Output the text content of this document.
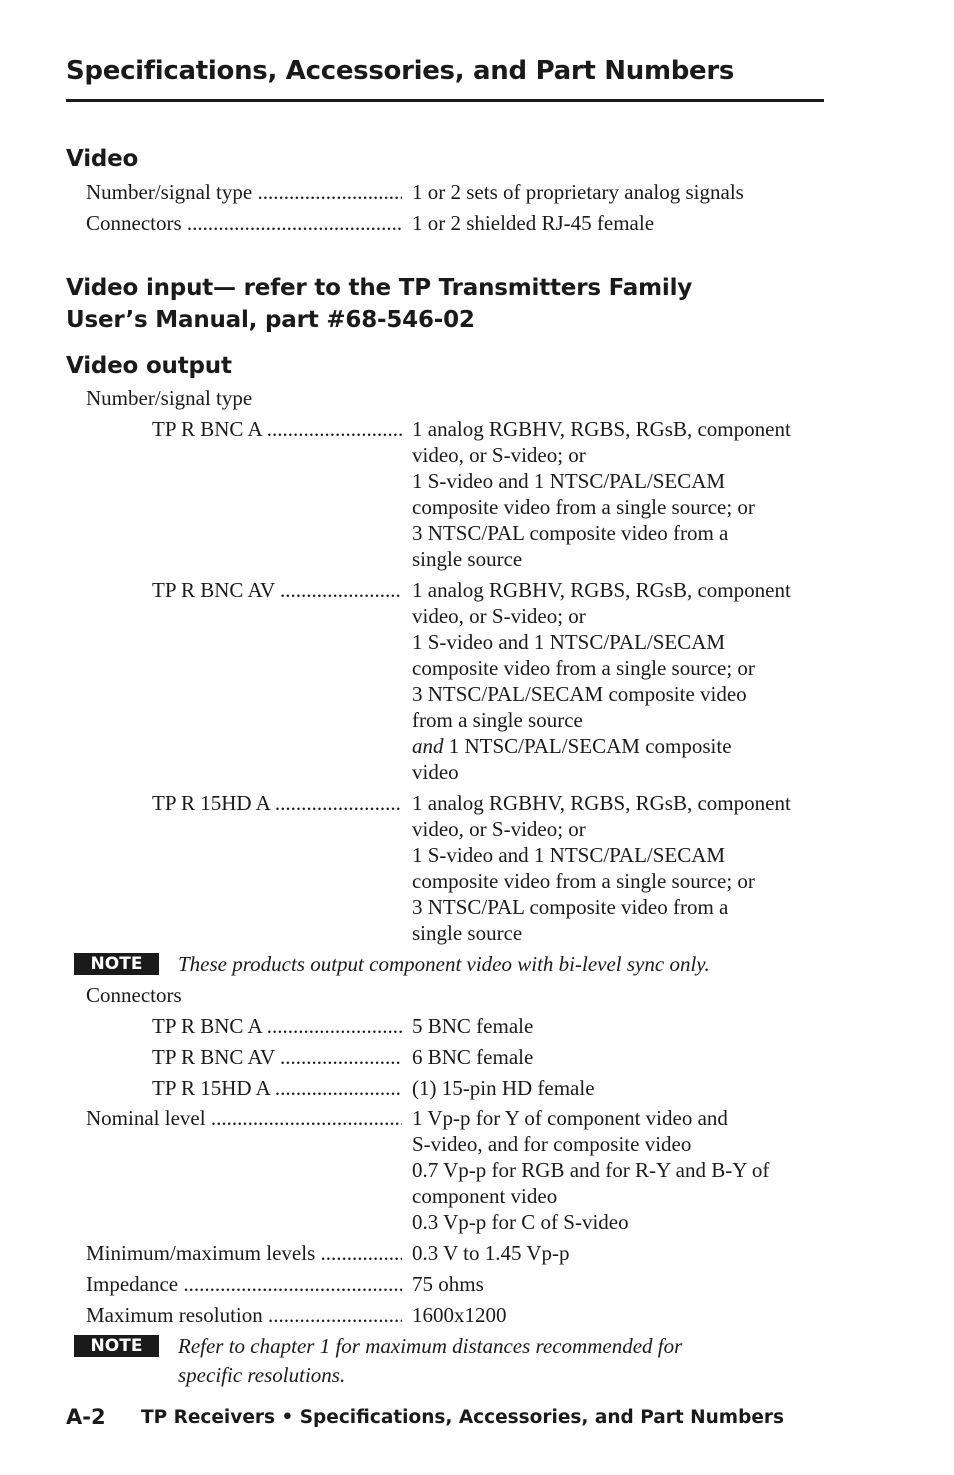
Specifications, Accessories, and Part Numbers
Video
Number/signal type .....	1 or 2 sets of proprietary analog signals
Connectors .....	1 or 2 shielded RJ-45 female
Video input— refer to the TP Transmitters Family
User’s Manual, part #68-546-02
Video output
Number/signal type
TP R BNC A .....	1 analog RGBHV, RGBS, RGsB, component
video, or S-video; or
1 S-video and 1 NTSC/PAL/SECAM
composite video from a single source; or
3 NTSC/PAL composite video from a
single source
TP R BNC AV .....	1 analog RGBHV, RGBS, RGsB, component
video, or S-video; or
1 S-video and 1 NTSC/PAL/SECAM
composite video from a single source; or
3 NTSC/PAL/SECAM composite video
from a single source
and 1 NTSC/PAL/SECAM composite
video
TP R 15HD A .....	1 analog RGBHV, RGBS, RGsB, component
video, or S-video; or
1 S-video and 1 NTSC/PAL/SECAM
composite video from a single source; or
3 NTSC/PAL composite video from a
single source
NOTE	These products output component video with bi-level sync only.
Connectors
TP R BNC A .....	5 BNC female
TP R BNC AV .....	6 BNC female
TP R 15HD A .....	(1) 15-pin HD female
Nominal level .....	1 Vp-p for Y of component video and
S-video, and for composite video
0.7 Vp-p for RGB and for R-Y and B-Y of
component video
0.3 Vp-p for C of S-video
Minimum/maximum levels .....	0.3 V to 1.45 Vp-p
Impedance .....	75 ohms
Maximum resolution .....	1600x1200
NOTE	Refer to chapter 1 for maximum distances recommended for
specific resolutions.
A-2 TP Receivers • Specifications, Accessories, and Part Numbers
